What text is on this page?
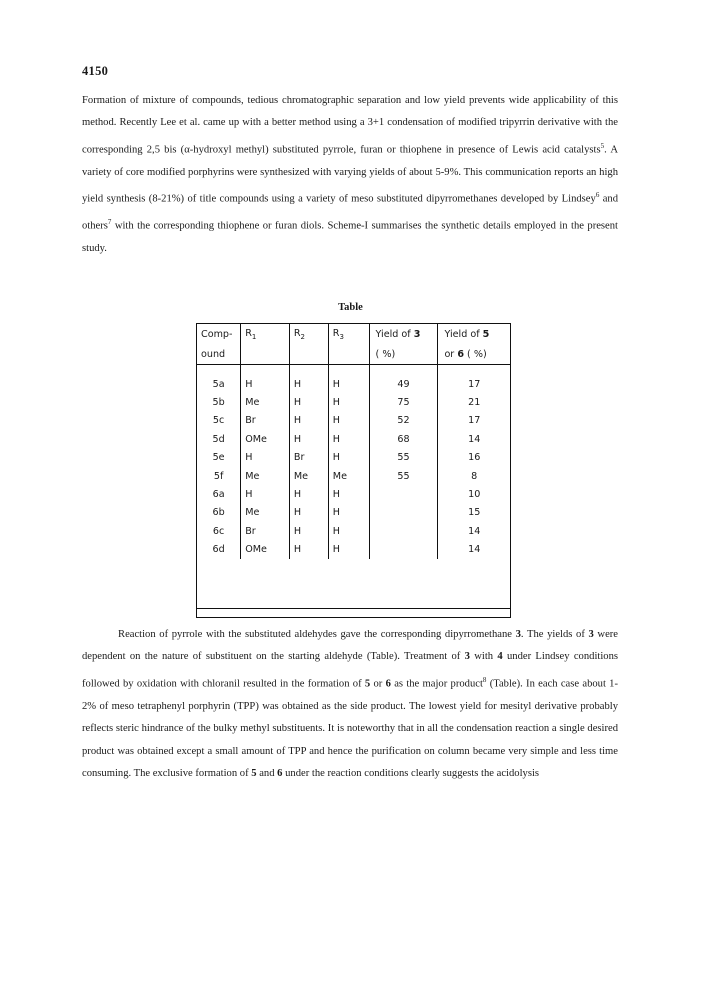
4150
Formation of mixture of compounds, tedious chromatographic separation and low yield prevents wide applicability of this method. Recently Lee et al. came up with a better method using a 3+1 condensation of modified tripyrrin derivative with the corresponding 2,5 bis (α-hydroxyl methyl) substituted pyrrole, furan or thiophene in presence of Lewis acid catalysts$^5$. A variety of core modified porphyrins were synthesized with varying yields of about 5-9%. This communication reports an high yield synthesis (8-21%) of title compounds using a variety of meso substituted dipyrromethanes developed by Lindsey$^6$ and others$^7$ with the corresponding thiophene or furan diols. Scheme-I summarises the synthetic details employed in the present study.
Table
Comp-	$R_1$	$R_2$	$R_3$	Yield of 3	Yield of 5
ound				( %)	or 6 ( %)

5a	H	H	H	49	17
5b	Me	H	H	75	21
5c	Br	H	H	52	17
5d	OMe	H	H	68	14
5e	H	Br	H	55	16
5f	Me	Me	Me	55	8
6a	H	H	H		10
6b	Me	H	H		15
6c	Br	H	H		14
6d	OMe	H	H		14
Reaction of pyrrole with the substituted aldehydes gave the corresponding dipyrromethane 3. The yields of 3 were dependent on the nature of substituent on the starting aldehyde (Table). Treatment of 3 with 4 under Lindsey conditions followed by oxidation with chloranil resulted in the formation of 5 or 6 as the major product$^8$ (Table). In each case about 1-2% of meso tetraphenyl porphyrin (TPP) was obtained as the side product. The lowest yield for mesityl derivative probably reflects steric hindrance of the bulky methyl substituents. It is noteworthy that in all the condensation reaction a single desired product was obtained except a small amount of TPP and hence the purification on column became very simple and less time consuming. The exclusive formation of 5 and 6 under the reaction conditions clearly suggests the acidolysis
